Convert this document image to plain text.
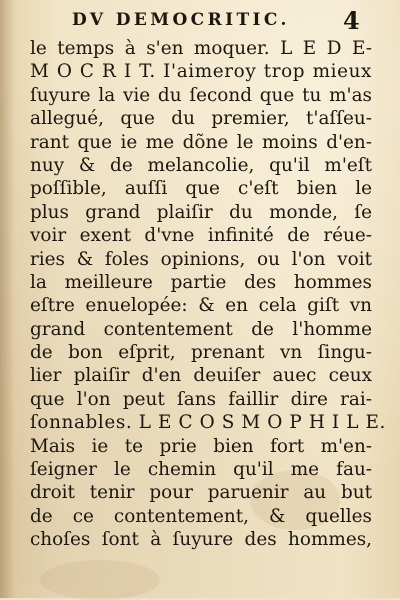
DV DEMOCRITIC. 4
le temps à s'en moquer. L E D E-
M O C R I T. I'aimeroy trop mieux
ſuyure la vie du ſecond que tu m'as
allegué, que du premier, t'aſſeu-
rant que ie me dõne le moins d'en-
nuy & de melancolie, qu'il m'eſt
poſſible, auſſi que c'eſt bien le
plus grand plaiſir du monde, ſe
voir exent d'vne infinité de réue-
ries & foles opinions, ou l'on voit
la meilleure partie des hommes
eſtre enuelopée: & en cela giſt vn
grand contentement de l'homme
de bon eſprit, prenant vn ſingu-
lier plaiſir d'en deuiſer auec ceux
que l'on peut ſans faillir dire rai-
ſonnables. L E C O S M O P H I L E.
Mais ie te prie bien fort m'en-
ſeigner le chemin qu'il me fau-
droit tenir pour paruenir au but
de ce contentement, & quelles
choſes ſont à ſuyure des hommes,
